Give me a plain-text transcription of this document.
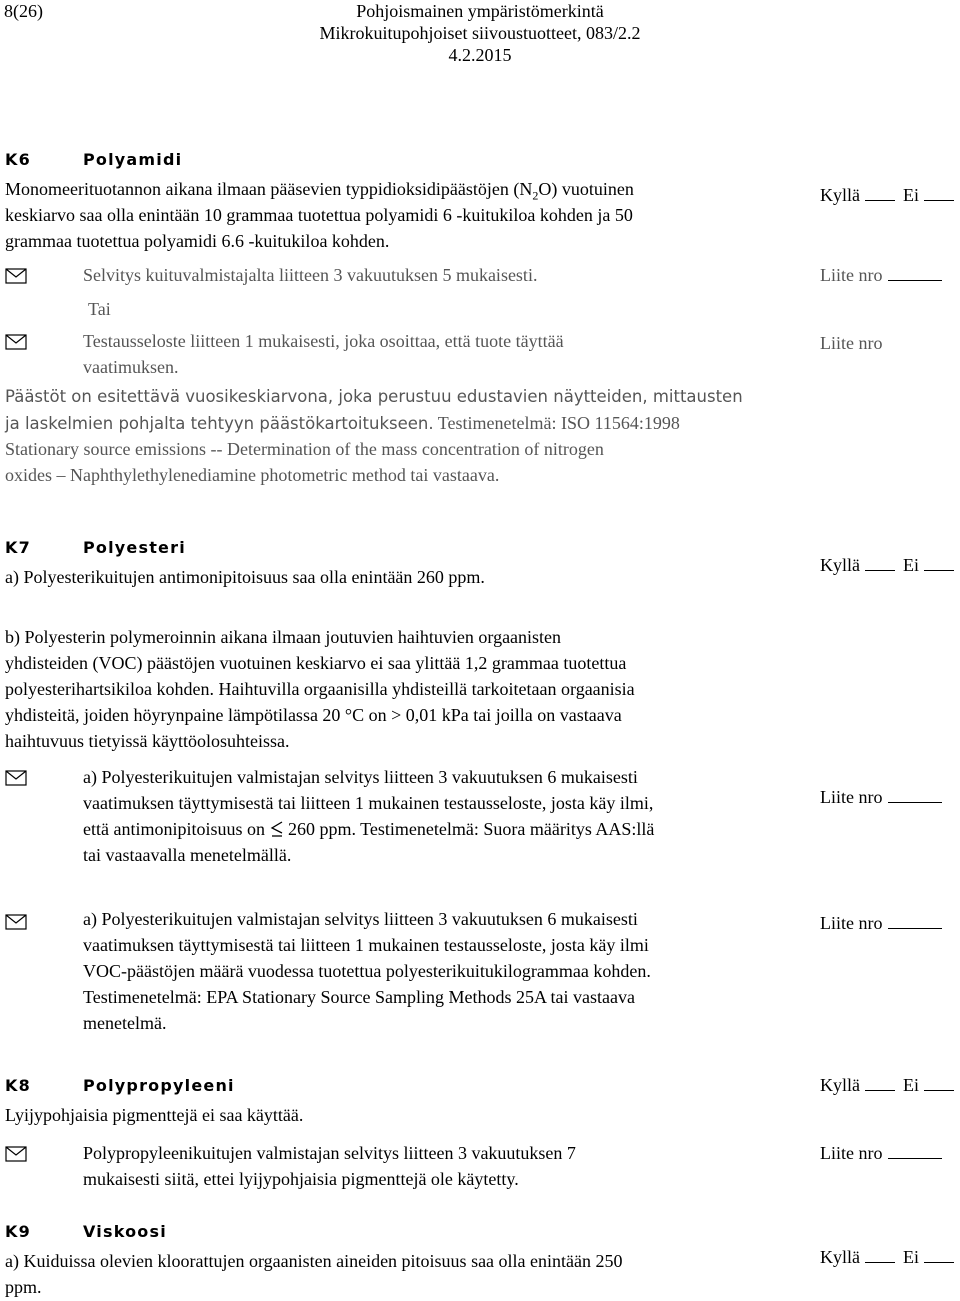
8(26)	Pohjoismainen ympäristömerkintä
Mikrokuitupohjoiset siivoustuotteet, 083/2.2
4.2.2015
K6	Polyamidi
Monomeerituotannon aikana ilmaan pääsevien typpidioksidipäästöjen $(N_2O)$ vuotuinen
keskiarvo saa olla enintään 10 grammaa tuotettua polyamidi 6 -kuitukiloa kohden ja 50
grammaa tuotettua polyamidi 6.6 -kuitukiloa kohden.
Kyllä Ei
Selvitys kuituvalmistajalta liitteen 3 vakuutuksen 5 mukaisesti.	Liite nro
Tai
Testausseloste liitteen 1 mukaisesti, joka osoittaa, että tuote täyttää
vaatimuksen.
Liite nro
Päästöt on esitettävä vuosikeskiarvona, joka perustuu edustavien näytteiden, mittausten
ja laskelmien pohjalta tehtyyn päästökartoitukseen. Testimenetelmä: ISO 11564:1998
Stationary source emissions -- Determination of the mass concentration of nitrogen
oxides – Naphthylethylenediamine photometric method tai vastaava.
K7	Polyesteri
a) Polyesterikuitujen antimonipitoisuus saa olla enintään 260 ppm.
Kyllä Ei
b) Polyesterin polymeroinnin aikana ilmaan joutuvien haihtuvien orgaanisten
yhdisteiden (VOC) päästöjen vuotuinen keskiarvo ei saa ylittää 1,2 grammaa tuotettua
polyesterihartsikiloa kohden. Haihtuvilla orgaanisilla yhdisteillä tarkoitetaan orgaanisia
yhdisteitä, joiden höyrynpaine lämpötilassa 20 °C on > 0,01 kPa tai joilla on vastaava
haihtuvuus tietyissä käyttöolosuhteissa.
a) Polyesterikuitujen valmistajan selvitys liitteen 3 vakuutuksen 6 mukaisesti
vaatimuksen täyttymisestä tai liitteen 1 mukainen testausseloste, josta käy ilmi,
että antimonipitoisuus on  260 ppm. Testimenetelmä: Suora määritys AAS:llä
tai vastaavalla menetelmällä.
Liite nro
a) Polyesterikuitujen valmistajan selvitys liitteen 3 vakuutuksen 6 mukaisesti
vaatimuksen täyttymisestä tai liitteen 1 mukainen testausseloste, josta käy ilmi
VOC-päästöjen määrä vuodessa tuotettua polyesterikuitukilogrammaa kohden.
Testimenetelmä: EPA Stationary Source Sampling Methods 25A tai vastaava
menetelmä.
Liite nro
K8	Polypropyleeni	Kyllä Ei
Lyijypohjaisia pigmenttejä ei saa käyttää.
Polypropyleenikuitujen valmistajan selvitys liitteen 3 vakuutuksen 7
mukaisesti siitä, ettei lyijypohjaisia pigmenttejä ole käytetty.
Liite nro
K9	Viskoosi
a) Kuiduissa olevien kloorattujen orgaanisten aineiden pitoisuus saa olla enintään 250
ppm.
Kyllä Ei
